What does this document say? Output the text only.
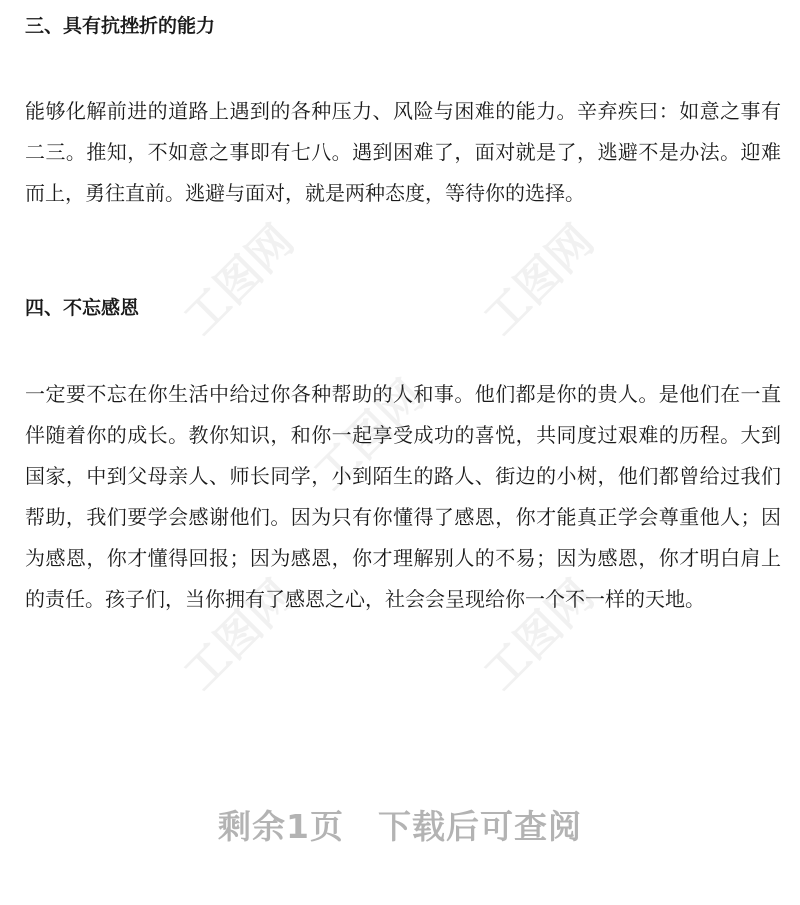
工图网	工图网
工图网
工图网	工图网
三、具有抗挫折的能力

能够化解前进的道路上遇到的各种压力、风险与困难的能力。辛弃疾曰：如意之事有二三。推知，不如意之事即有七八。遇到困难了，面对就是了，逃避不是办法。迎难而上，勇往直前。逃避与面对，就是两种态度，等待你的选择。

四、不忘感恩

一定要不忘在你生活中给过你各种帮助的人和事。他们都是你的贵人。是他们在一直伴随着你的成长。教你知识，和你一起享受成功的喜悦，共同度过艰难的历程。大到国家，中到父母亲人、师长同学，小到陌生的路人、街边的小树，他们都曾给过我们帮助，我们要学会感谢他们。因为只有你懂得了感恩，你才能真正学会尊重他人；因为感恩，你才懂得回报；因为感恩，你才理解别人的不易；因为感恩，你才明白肩上的责任。孩子们，当你拥有了感恩之心，社会会呈现给你一个不一样的天地。

剩余1页 下载后可查阅
